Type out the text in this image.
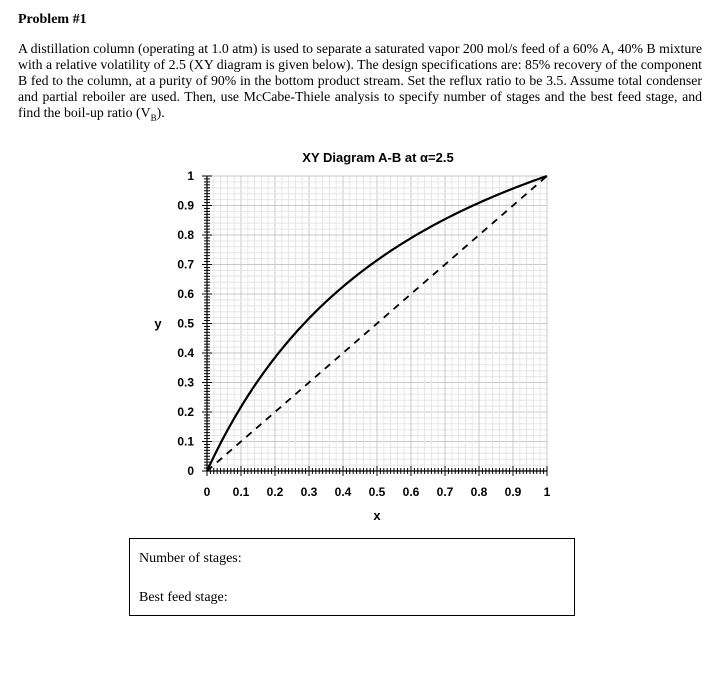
Problem #1

A distillation column (operating at 1.0 atm) is used to separate a saturated vapor 200 mol/s feed of a 60% A, 40% B mixture with a relative volatility of 2.5 (XY diagram is given below). The design specifications are: 85% recovery of the component B fed to the column, at a purity of 90% in the bottom product stream. Set the reflux ratio to be 3.5. Assume total condenser and partial reboiler are used. Then, use McCabe-Thiele analysis to specify number of stages and the best feed stage, and find the boil-up ratio $(V_B)$.

XY Diagram A-B at α=2.5
x
y
0 0.1 0.2 0.3 0.4 0.5 0.6 0.7 0.8 0.9 1
0
0.1
0.2
0.3
0.4
0.5
0.6
0.7
0.8
0.9
1
Number of stages:
Best feed stage:
